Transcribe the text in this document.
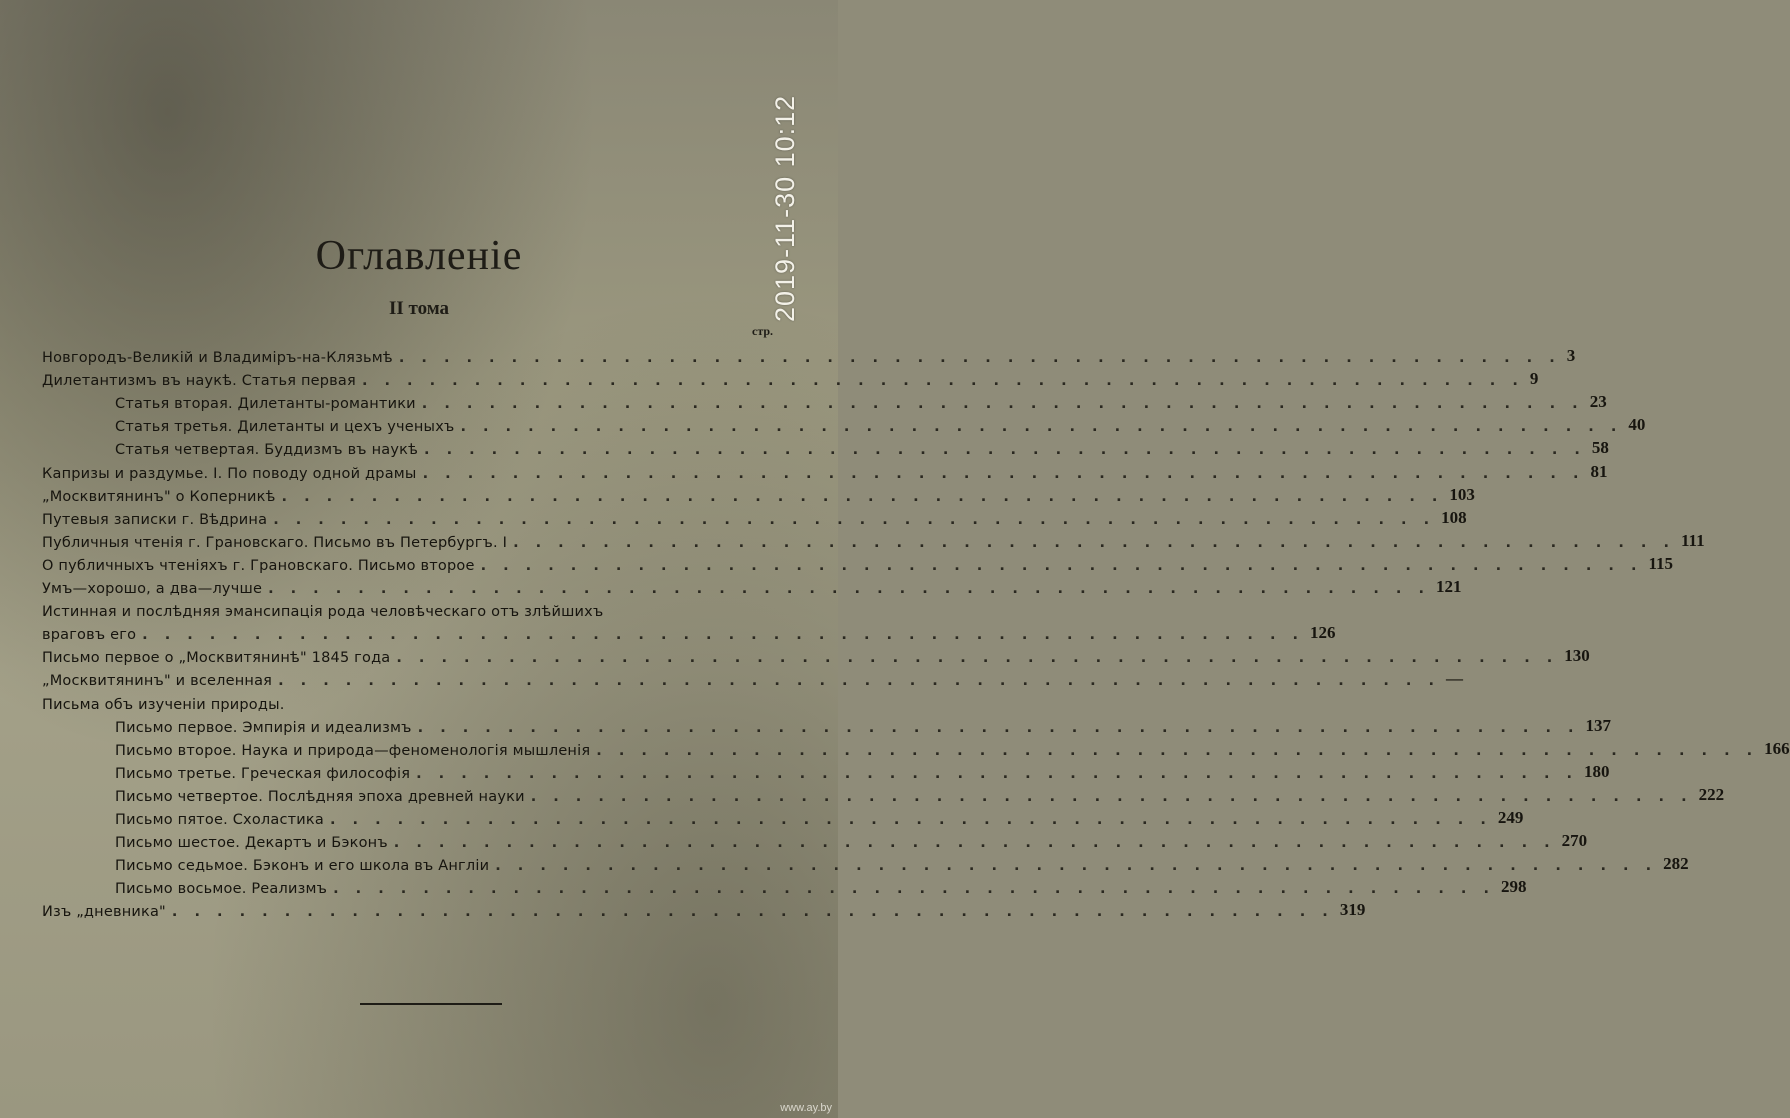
2019-11-30 10:12
Оглавленіе
II тома
стр.
Новгородъ-Великій и Владиміръ-на-Клязьмѣ . . . . . . . . . . . . . . . . . . . . . . . . . . . . . . . . . . . . . . . . . . . . . . . . . . . . 3
Дилетантизмъ въ наукѣ. Статья первая . . . . . . . . . . . . . . . . . . . . . . . . . . . . . . . . . . . . . . . . . . . . . . . . . . . . 9
Статья вторая. Дилетанты-романтики . . . . . . . . . . . . . . . . . . . . . . . . . . . . . . . . . . . . . . . . . . . . . . . . . . . . 23
Статья третья. Дилетанты и цехъ ученыхъ . . . . . . . . . . . . . . . . . . . . . . . . . . . . . . . . . . . . . . . . . . . . . . . . . . . . 40
Статья четвертая. Буддизмъ въ наукѣ . . . . . . . . . . . . . . . . . . . . . . . . . . . . . . . . . . . . . . . . . . . . . . . . . . . . 58
Капризы и раздумье. I. По поводу одной драмы . . . . . . . . . . . . . . . . . . . . . . . . . . . . . . . . . . . . . . . . . . . . . . . . . . . . 81
„Москвитянинъ" о Коперникѣ . . . . . . . . . . . . . . . . . . . . . . . . . . . . . . . . . . . . . . . . . . . . . . . . . . . . 103
Путевыя записки г. Вѣдрина . . . . . . . . . . . . . . . . . . . . . . . . . . . . . . . . . . . . . . . . . . . . . . . . . . . . 108
Публичныя чтенія г. Грановскаго. Письмо въ Петербургъ. I . . . . . . . . . . . . . . . . . . . . . . . . . . . . . . . . . . . . . . . . . . . . . . . . . . . . 111
О публичныхъ чтеніяхъ г. Грановскаго. Письмо второе . . . . . . . . . . . . . . . . . . . . . . . . . . . . . . . . . . . . . . . . . . . . . . . . . . . . 115
Умъ—хорошо, а два—лучше . . . . . . . . . . . . . . . . . . . . . . . . . . . . . . . . . . . . . . . . . . . . . . . . . . . . 121
Истинная и послѣдняя эмансипація рода человѣческаго отъ злѣйшихъ
враговъ его . . . . . . . . . . . . . . . . . . . . . . . . . . . . . . . . . . . . . . . . . . . . . . . . . . . . 126
Письмо первое о „Москвитянинѣ" 1845 года . . . . . . . . . . . . . . . . . . . . . . . . . . . . . . . . . . . . . . . . . . . . . . . . . . . . 130
„Москвитянинъ" и вселенная . . . . . . . . . . . . . . . . . . . . . . . . . . . . . . . . . . . . . . . . . . . . . . . . . . . . —
Письма объ изученіи природы.
Письмо первое. Эмпирія и идеализмъ . . . . . . . . . . . . . . . . . . . . . . . . . . . . . . . . . . . . . . . . . . . . . . . . . . . . 137
Письмо второе. Наука и природа—феноменологія мышленія . . . . . . . . . . . . . . . . . . . . . . . . . . . . . . . . . . . . . . . . . . . . . . . . . . . . 166
Письмо третье. Греческая философія . . . . . . . . . . . . . . . . . . . . . . . . . . . . . . . . . . . . . . . . . . . . . . . . . . . . 180
Письмо четвертое. Послѣдняя эпоха древней науки . . . . . . . . . . . . . . . . . . . . . . . . . . . . . . . . . . . . . . . . . . . . . . . . . . . . 222
Письмо пятое. Схоластика . . . . . . . . . . . . . . . . . . . . . . . . . . . . . . . . . . . . . . . . . . . . . . . . . . . . 249
Письмо шестое. Декартъ и Бэконъ . . . . . . . . . . . . . . . . . . . . . . . . . . . . . . . . . . . . . . . . . . . . . . . . . . . . 270
Письмо седьмое. Бэконъ и его школа въ Англіи . . . . . . . . . . . . . . . . . . . . . . . . . . . . . . . . . . . . . . . . . . . . . . . . . . . . 282
Письмо восьмое. Реализмъ . . . . . . . . . . . . . . . . . . . . . . . . . . . . . . . . . . . . . . . . . . . . . . . . . . . . 298
Изъ „дневника" . . . . . . . . . . . . . . . . . . . . . . . . . . . . . . . . . . . . . . . . . . . . . . . . . . . . 319
www.ay.by
